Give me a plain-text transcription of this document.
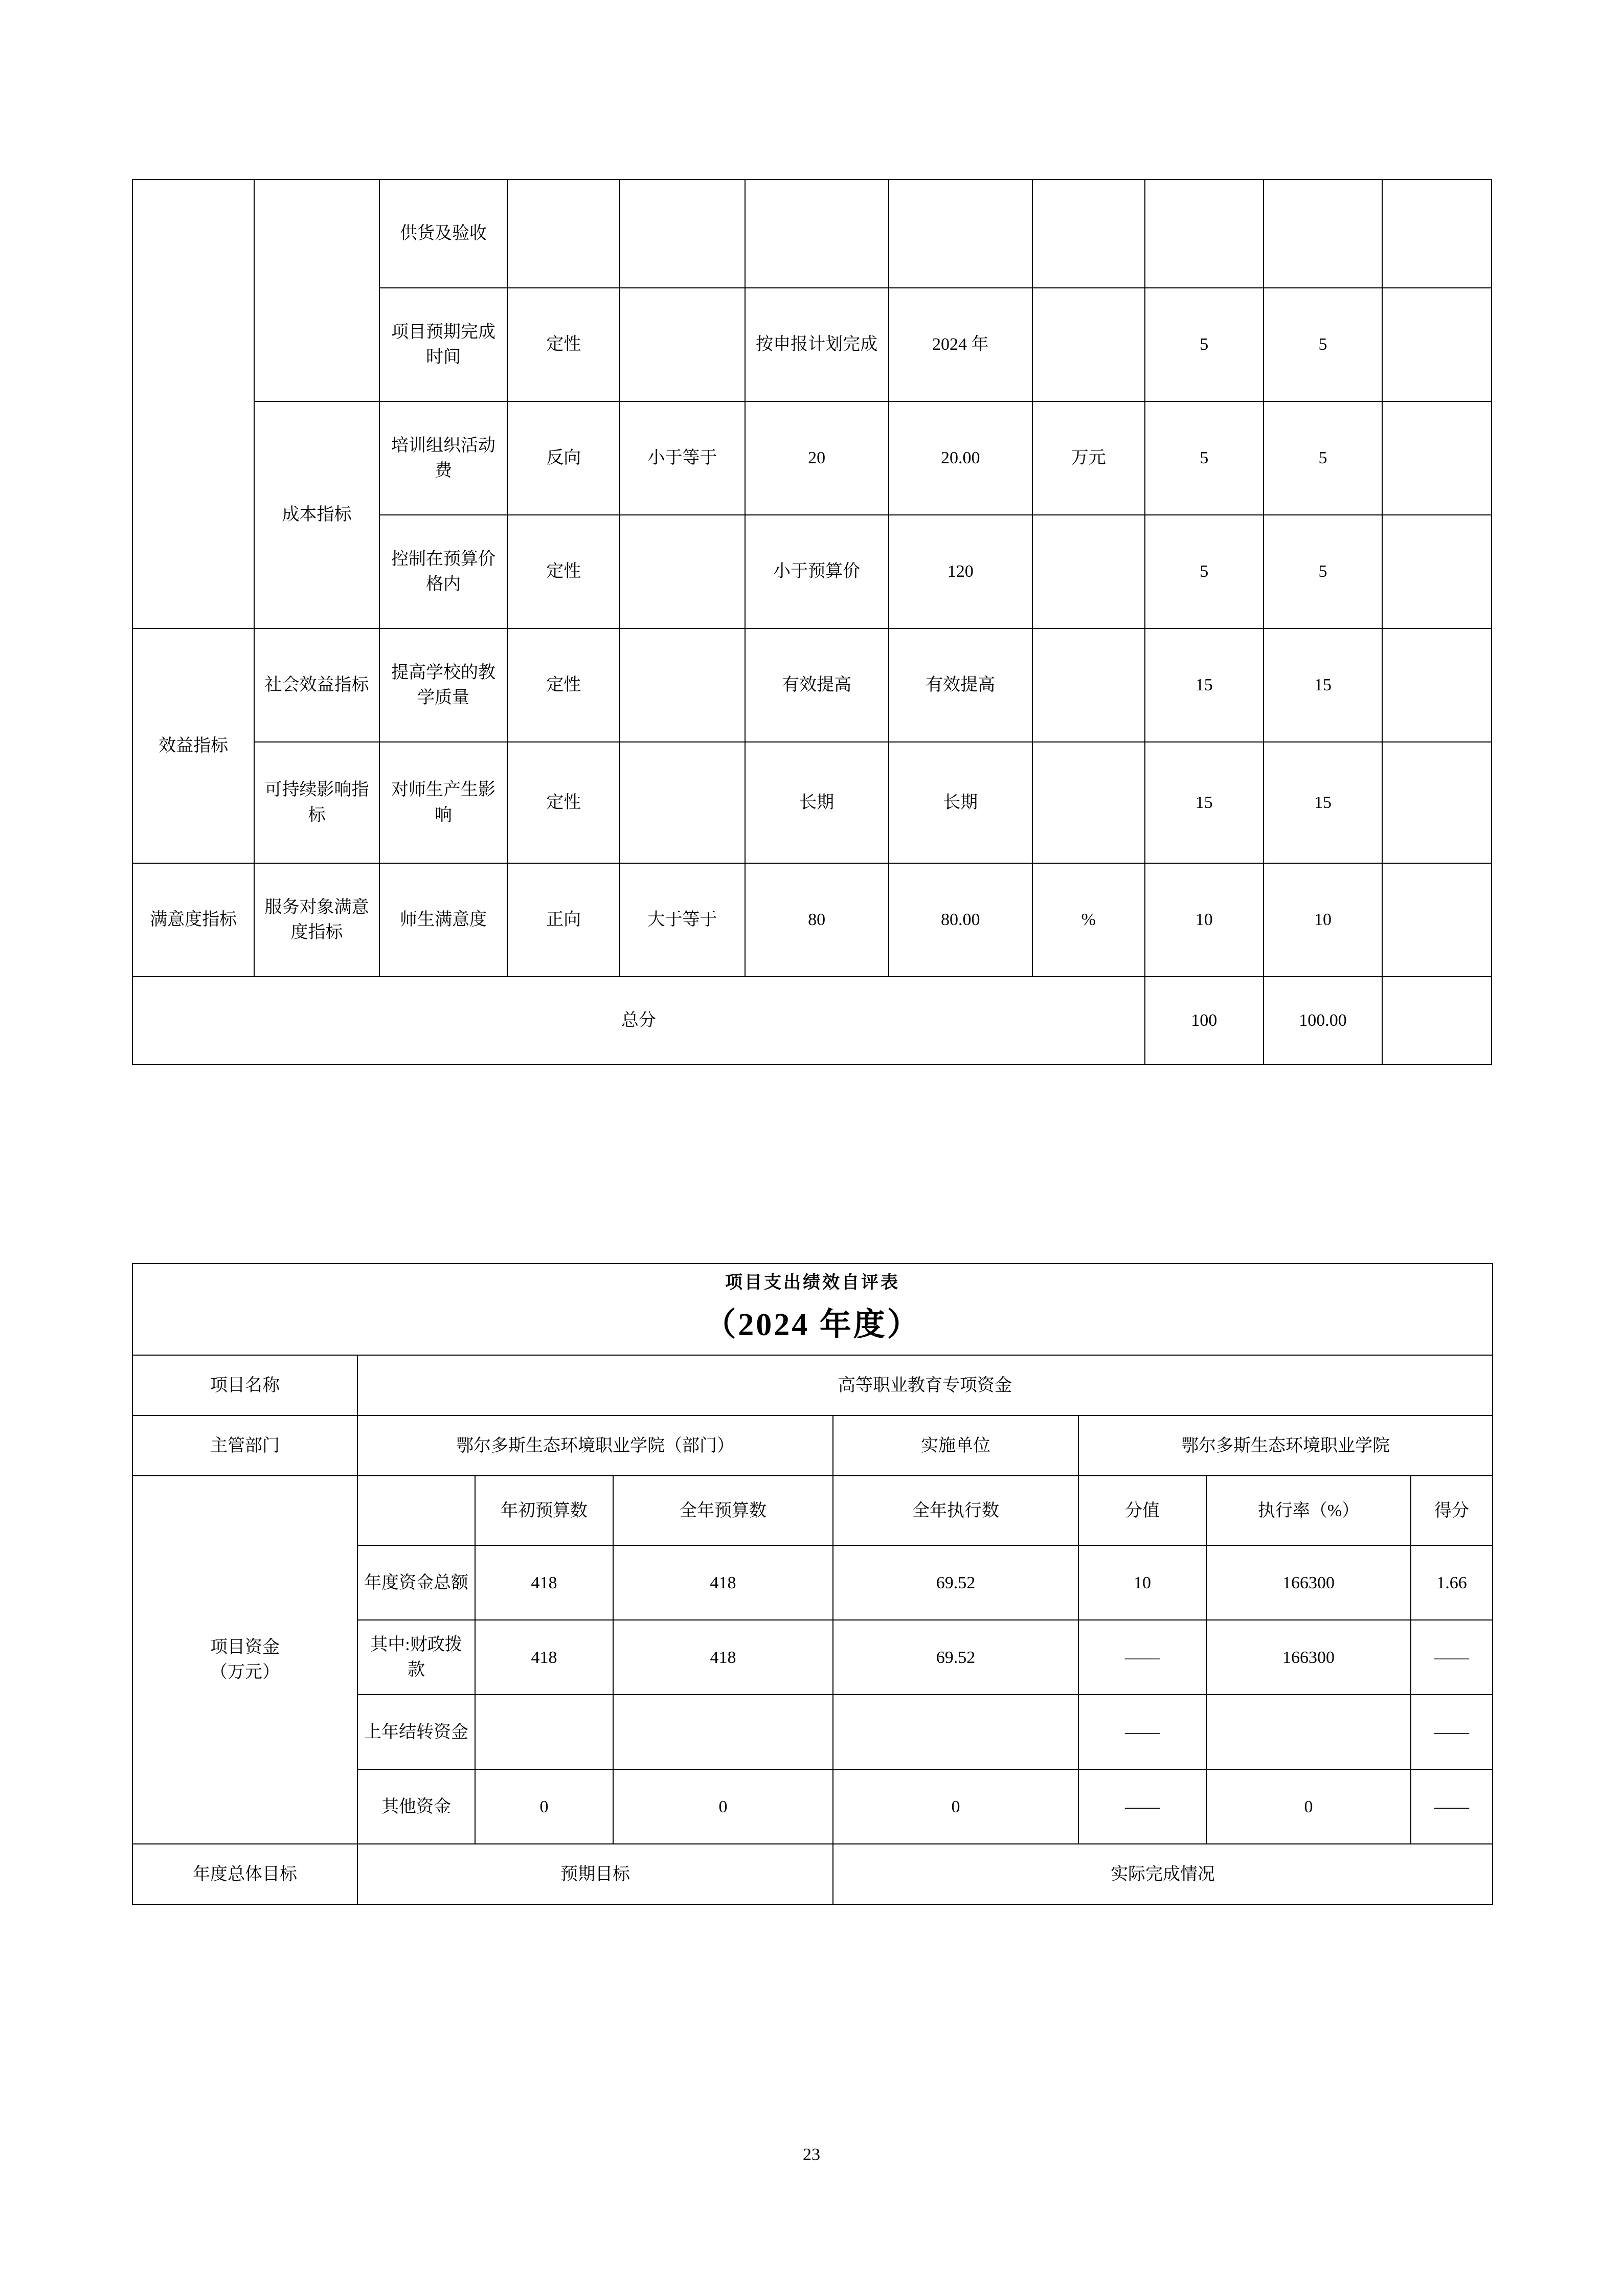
		供货及验收								
		项目预期完成时间	定性		按申报计划完成	2024 年		5	5	
	成本指标	培训组织活动费	反向	小于等于	20	20.00	万元	5	5	
		控制在预算价格内	定性		小于预算价	120		5	5	
效益指标	社会效益指标	提高学校的教学质量	定性		有效提高	有效提高		15	15	
	可持续影响指标	对师生产生影响	定性		长期	长期		15	15	
满意度指标	服务对象满意度指标	师生满意度	正向	大于等于	80	80.00	%	10	10	
总分								100	100.00	
项目支出绩效自评表
（2024 年度）							

项目名称	高等职业教育专项资金						
主管部门	鄂尔多斯生态环境职业学院（部门）			实施单位	鄂尔多斯生态环境职业学院		

项目资金
（万元）		年初预算数	全年预算数	全年执行数	分值	执行率（%）	得分
	年度资金总额	418	418	69.52	10	166300	1.66
	其中:财政拨款	418	418	69.52	——	166300	——
	上年结转资金				——		——
	其他资金	0	0	0	——	0	——
年度总体目标	预期目标			实际完成情况			
23
